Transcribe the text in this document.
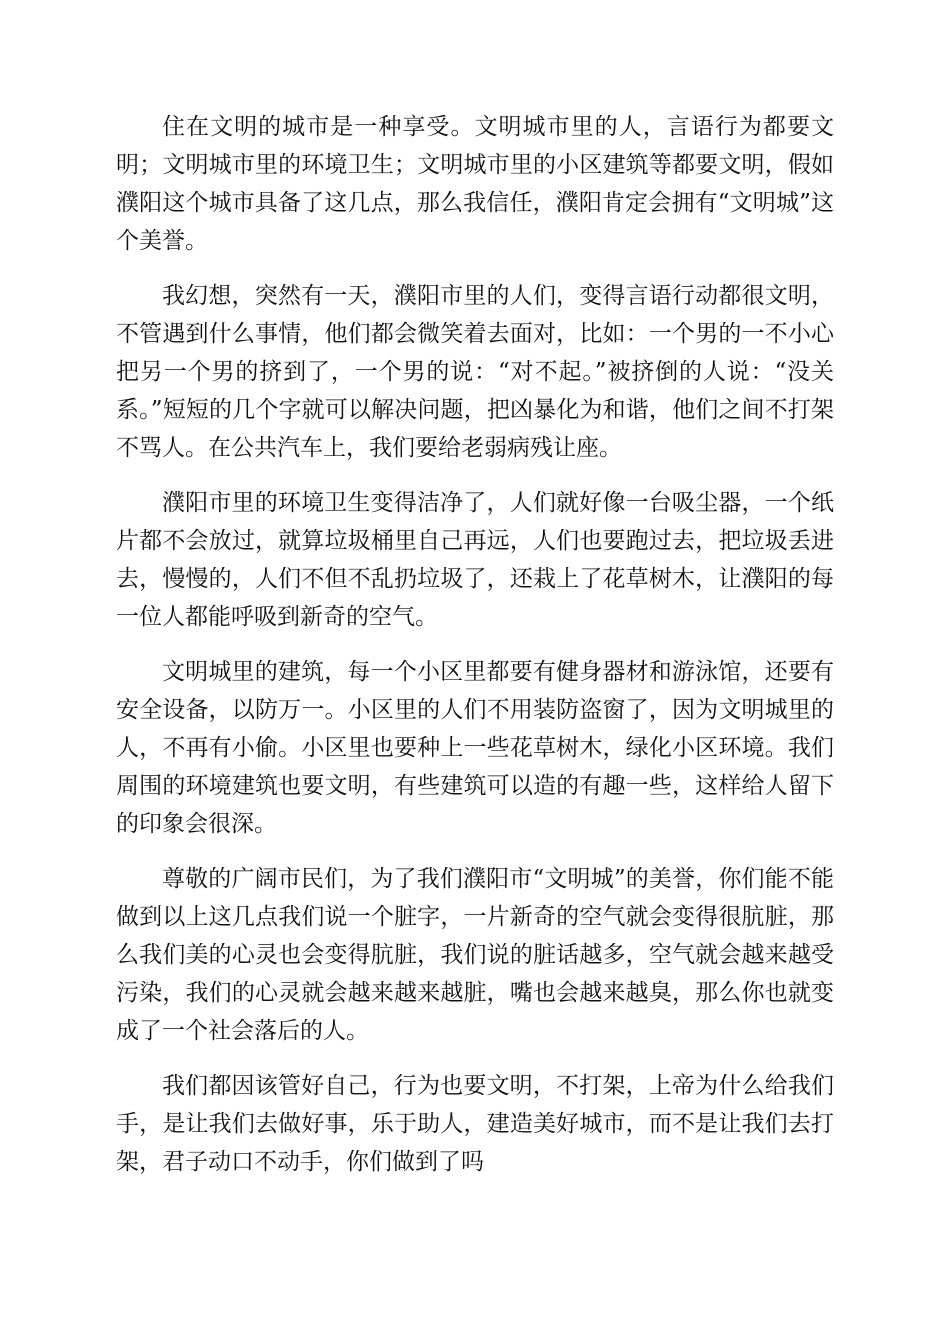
住在文明的城市是一种享受。文明城市里的人，言语行为都要文明；文明城市里的环境卫生；文明城市里的小区建筑等都要文明，假如濮阳这个城市具备了这几点，那么我信任，濮阳肯定会拥有“文明城”这个美誉。

我幻想，突然有一天，濮阳市里的人们，变得言语行动都很文明，不管遇到什么事情，他们都会微笑着去面对，比如：一个男的一不小心把另一个男的挤到了，一个男的说：“对不起。”被挤倒的人说：“没关系。”短短的几个字就可以解决问题，把凶暴化为和谐，他们之间不打架不骂人。在公共汽车上，我们要给老弱病残让座。

濮阳市里的环境卫生变得洁净了，人们就好像一台吸尘器，一个纸片都不会放过，就算垃圾桶里自己再远，人们也要跑过去，把垃圾丢进去，慢慢的，人们不但不乱扔垃圾了，还栽上了花草树木，让濮阳的每一位人都能呼吸到新奇的空气。

文明城里的建筑，每一个小区里都要有健身器材和游泳馆，还要有安全设备，以防万一。小区里的人们不用装防盗窗了，因为文明城里的人，不再有小偷。小区里也要种上一些花草树木，绿化小区环境。我们周围的环境建筑也要文明，有些建筑可以造的有趣一些，这样给人留下的印象会很深。

尊敬的广阔市民们，为了我们濮阳市“文明城”的美誉，你们能不能做到以上这几点我们说一个脏字，一片新奇的空气就会变得很肮脏，那么我们美的心灵也会变得肮脏，我们说的脏话越多，空气就会越来越受污染，我们的心灵就会越来越来越脏，嘴也会越来越臭，那么你也就变成了一个社会落后的人。

我们都因该管好自己，行为也要文明，不打架，上帝为什么给我们手，是让我们去做好事，乐于助人，建造美好城市，而不是让我们去打架，君子动口不动手，你们做到了吗
